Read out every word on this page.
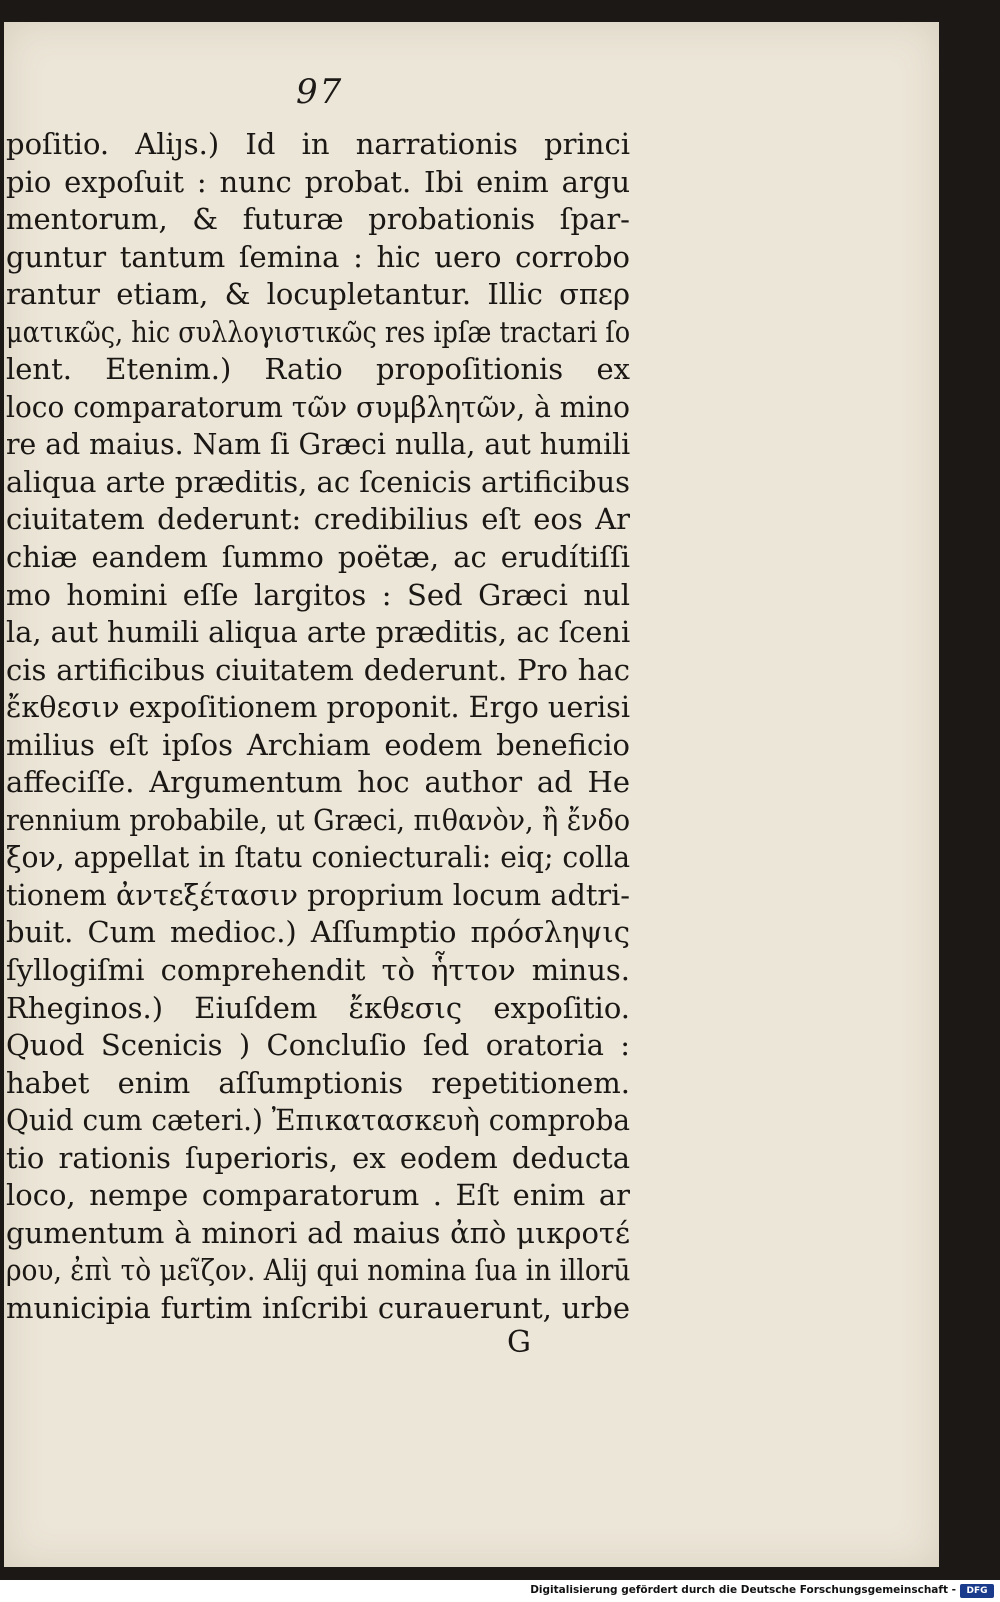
97
poſitio. Aliȷs.) Id in narrationis princi
pio expoſuit : nunc probat. Ibi enim argu
mentorum, & futuræ probationis ſpar-
guntur tantum ſemina : hic uero corrobo
rantur etiam, & locupletantur. Illic σπερ
ματικῶς, hic συλλογιστικῶς res ipſæ tractari ſo
lent. Etenim.) Ratio propoſitionis ex
loco comparatorum τῶν συμβλητῶν, à mino
re ad maius. Nam ſi Græci nulla, aut humili
aliqua arte præditis, ac ſcenicis artificibus
ciuitatem dederunt: credibilius eſt eos Ar
chiæ eandem ſummo poëtæ, ac erudítiſſi
mo homini eſſe largitos : Sed Græci nul
la, aut humili aliqua arte præditis, ac ſceni
cis artificibus ciuitatem dederunt. Pro hac
ἔκθεσιν expoſitionem proponit. Ergo uerisi
milius eſt ipſos Archiam eodem beneficio
affeciſſe. Argumentum hoc author ad He
rennium probabile, ut Græci, πιθανὸν, ἢ ἔνδο
ξον, appellat in ſtatu coniecturali: eiq; colla
tionem ἀντεξέτασιν proprium locum adtri-
buit. Cum medioc.) Aſſumptio πρόσληψις
ſyllogiſmi comprehendit τὸ ἧττον minus.
Rheginos.) Eiuſdem ἔκθεσις expoſitio.
Quod Scenicis ) Concluſio ſed oratoria :
habet enim aſſumptionis repetitionem.
Quid cum cæteri.) Ἐπικατασκευὴ comproba
tio rationis ſuperioris, ex eodem deducta
loco, nempe comparatorum . Eſt enim ar
gumentum à minori ad maius ἀπὸ μικροτέ
ρου, ἐπὶ τὸ μεῖζον. Alij qui nomina ſua in illorū
municipia furtim inſcribi curauerunt, urbe
G
Digitalisierung gefördert durch die Deutsche Forschungsgemeinschaft -	DFG
